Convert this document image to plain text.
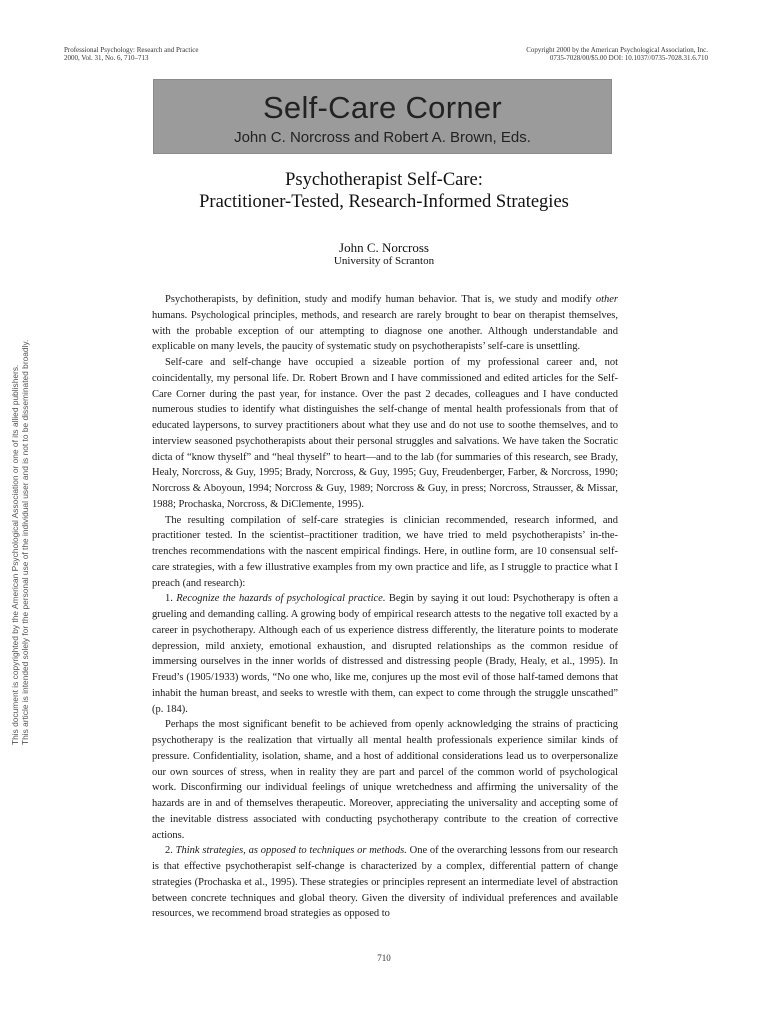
Professional Psychology: Research and Practice
2000, Vol. 31, No. 6, 710–713
Copyright 2000 by the American Psychological Association, Inc.
0735-7028/00/$5.00 DOI: 10.1037//0735-7028.31.6.710
Self-Care Corner
John C. Norcross and Robert A. Brown, Eds.
Psychotherapist Self-Care:
Practitioner-Tested, Research-Informed Strategies
John C. Norcross
University of Scranton
This document is copyrighted by the American Psychological Association or one of its allied publishers. This article is intended solely for the personal use of the individual user and is not to be disseminated broadly.

Psychotherapists, by definition, study and modify human behavior. That is, we study and modify other humans. Psychological principles, methods, and research are rarely brought to bear on therapist themselves, with the probable exception of our attempting to diagnose one another. Although understandable and explicable on many levels, the paucity of systematic study on psychotherapists’ self-care is unsettling.

Self-care and self-change have occupied a sizeable portion of my professional career and, not coincidentally, my personal life. Dr. Robert Brown and I have commissioned and edited articles for the Self-Care Corner during the past year, for instance. Over the past 2 decades, colleagues and I have conducted numerous studies to identify what distinguishes the self-change of mental health professionals from that of educated laypersons, to survey practitioners about what they use and do not use to soothe themselves, and to interview seasoned psychotherapists about their personal struggles and salvations. We have taken the Socratic dicta of “know thyself” and “heal thyself” to heart—and to the lab (for summaries of this research, see Brady, Healy, Norcross, & Guy, 1995; Brady, Norcross, & Guy, 1995; Guy, Freudenberger, Farber, & Norcross, 1990; Norcross & Aboyoun, 1994; Norcross & Guy, 1989; Norcross & Guy, in press; Norcross, Strausser, & Missar, 1988; Prochaska, Norcross, & DiClemente, 1995).

The resulting compilation of self-care strategies is clinician recommended, research informed, and practitioner tested. In the scientist–practitioner tradition, we have tried to meld psychotherapists’ in-the-trenches recommendations with the nascent empirical findings. Here, in outline form, are 10 consensual self-care strategies, with a few illustrative examples from my own practice and life, as I struggle to practice what I preach (and research):

1. Recognize the hazards of psychological practice. Begin by saying it out loud: Psychotherapy is often a grueling and demanding calling. A growing body of empirical research attests to the negative toll exacted by a career in psychotherapy. Although each of us experience distress differently, the literature points to moderate depression, mild anxiety, emotional exhaustion, and disrupted relationships as the common residue of immersing ourselves in the inner worlds of distressed and distressing people (Brady, Healy, et al., 1995). In Freud’s (1905/1933) words, “No one who, like me, conjures up the most evil of those half-tamed demons that inhabit the human breast, and seeks to wrestle with them, can expect to come through the struggle unscathed” (p. 184).

Perhaps the most significant benefit to be achieved from openly acknowledging the strains of practicing psychotherapy is the realization that virtually all mental health professionals experience similar kinds of pressure. Confidentiality, isolation, shame, and a host of additional considerations lead us to overpersonalize our own sources of stress, when in reality they are part and parcel of the common world of psychological work. Disconfirming our individual feelings of unique wretchedness and affirming the universality of the hazards are in and of themselves therapeutic. Moreover, appreciating the universality and accepting some of the inevitable distress associated with conducting psychotherapy contribute to the creation of corrective actions.

2. Think strategies, as opposed to techniques or methods. One of the overarching lessons from our research is that effective psychotherapist self-change is characterized by a complex, differential pattern of change strategies (Prochaska et al., 1995). These strategies or principles represent an intermediate level of abstraction between concrete techniques and global theory. Given the diversity of individual preferences and available resources, we recommend broad strategies as opposed to

710
